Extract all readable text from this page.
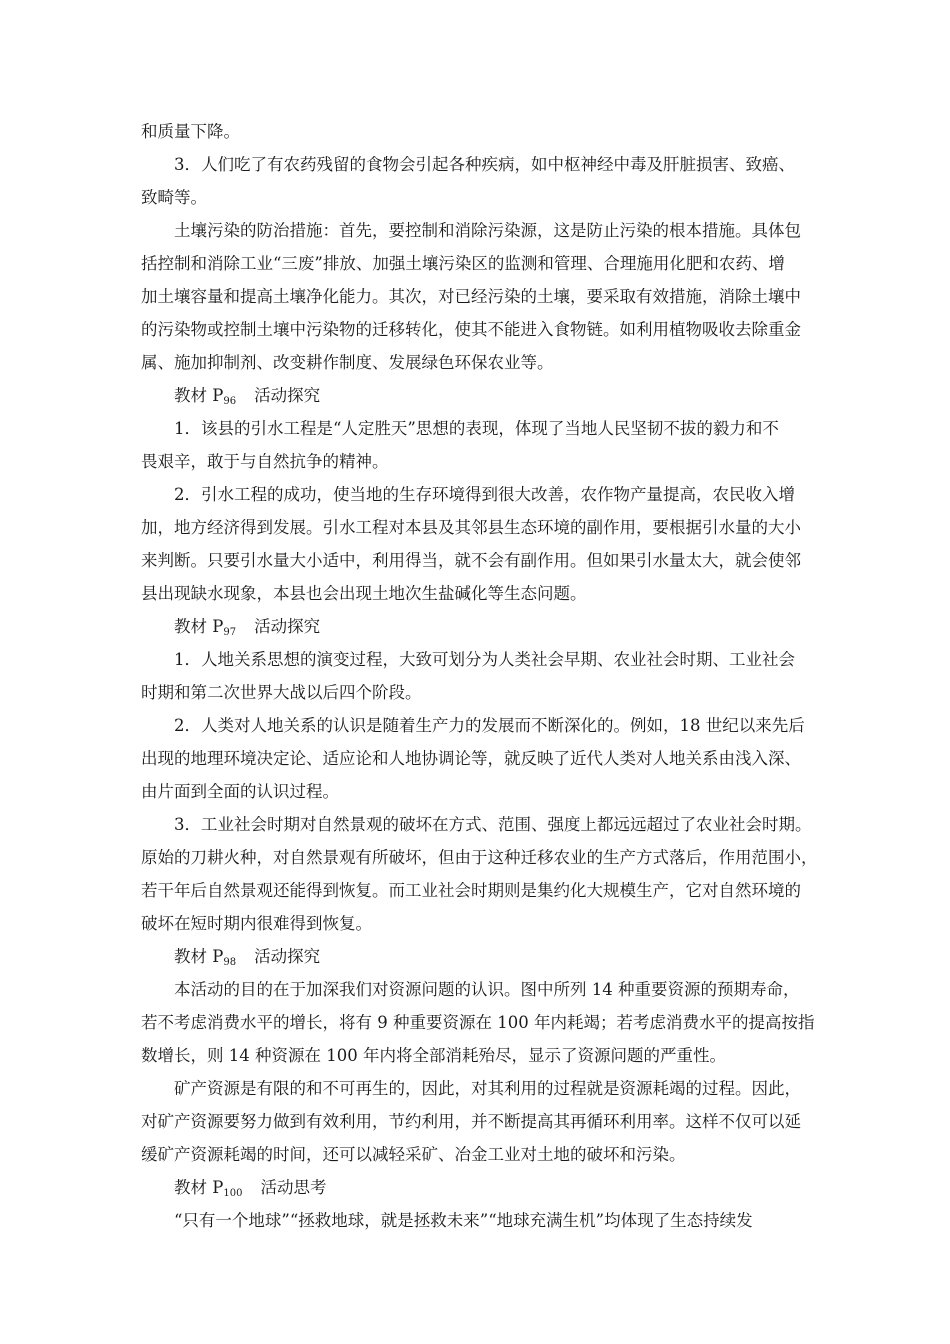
和质量下降。
3．人们吃了有农药残留的食物会引起各种疾病，如中枢神经中毒及肝脏损害、致癌、
致畸等。
土壤污染的防治措施：首先，要控制和消除污染源，这是防止污染的根本措施。具体包
括控制和消除工业“三废”排放、加强土壤污染区的监测和管理、合理施用化肥和农药、增
加土壤容量和提高土壤净化能力。其次，对已经污染的土壤，要采取有效措施，消除土壤中
的污染物或控制土壤中污染物的迁移转化，使其不能进入食物链。如利用植物吸收去除重金
属、施加抑制剂、改变耕作制度、发展绿色环保农业等。
教材 $P_{96}$ 活动探究
1．该县的引水工程是“人定胜天”思想的表现，体现了当地人民坚韧不拔的毅力和不
畏艰辛，敢于与自然抗争的精神。
2．引水工程的成功，使当地的生存环境得到很大改善，农作物产量提高，农民收入增
加，地方经济得到发展。引水工程对本县及其邻县生态环境的副作用，要根据引水量的大小
来判断。只要引水量大小适中，利用得当，就不会有副作用。但如果引水量太大，就会使邻
县出现缺水现象，本县也会出现土地次生盐碱化等生态问题。
教材 $P_{97}$ 活动探究
1．人地关系思想的演变过程，大致可划分为人类社会早期、农业社会时期、工业社会
时期和第二次世界大战以后四个阶段。
2．人类对人地关系的认识是随着生产力的发展而不断深化的。例如，18 世纪以来先后
出现的地理环境决定论、适应论和人地协调论等，就反映了近代人类对人地关系由浅入深、
由片面到全面的认识过程。
3．工业社会时期对自然景观的破坏在方式、范围、强度上都远远超过了农业社会时期。
原始的刀耕火种，对自然景观有所破坏，但由于这种迁移农业的生产方式落后，作用范围小，
若干年后自然景观还能得到恢复。而工业社会时期则是集约化大规模生产，它对自然环境的
破坏在短时期内很难得到恢复。
教材 $P_{98}$ 活动探究
本活动的目的在于加深我们对资源问题的认识。图中所列 14 种重要资源的预期寿命，
若不考虑消费水平的增长，将有 9 种重要资源在 100 年内耗竭；若考虑消费水平的提高按指
数增长，则 14 种资源在 100 年内将全部消耗殆尽，显示了资源问题的严重性。
矿产资源是有限的和不可再生的，因此，对其利用的过程就是资源耗竭的过程。因此，
对矿产资源要努力做到有效利用，节约利用，并不断提高其再循环利用率。这样不仅可以延
缓矿产资源耗竭的时间，还可以减轻采矿、冶金工业对土地的破坏和污染。
教材 $P_{100}$ 活动思考
“只有一个地球”“拯救地球，就是拯救未来”“地球充满生机”均体现了生态持续发
